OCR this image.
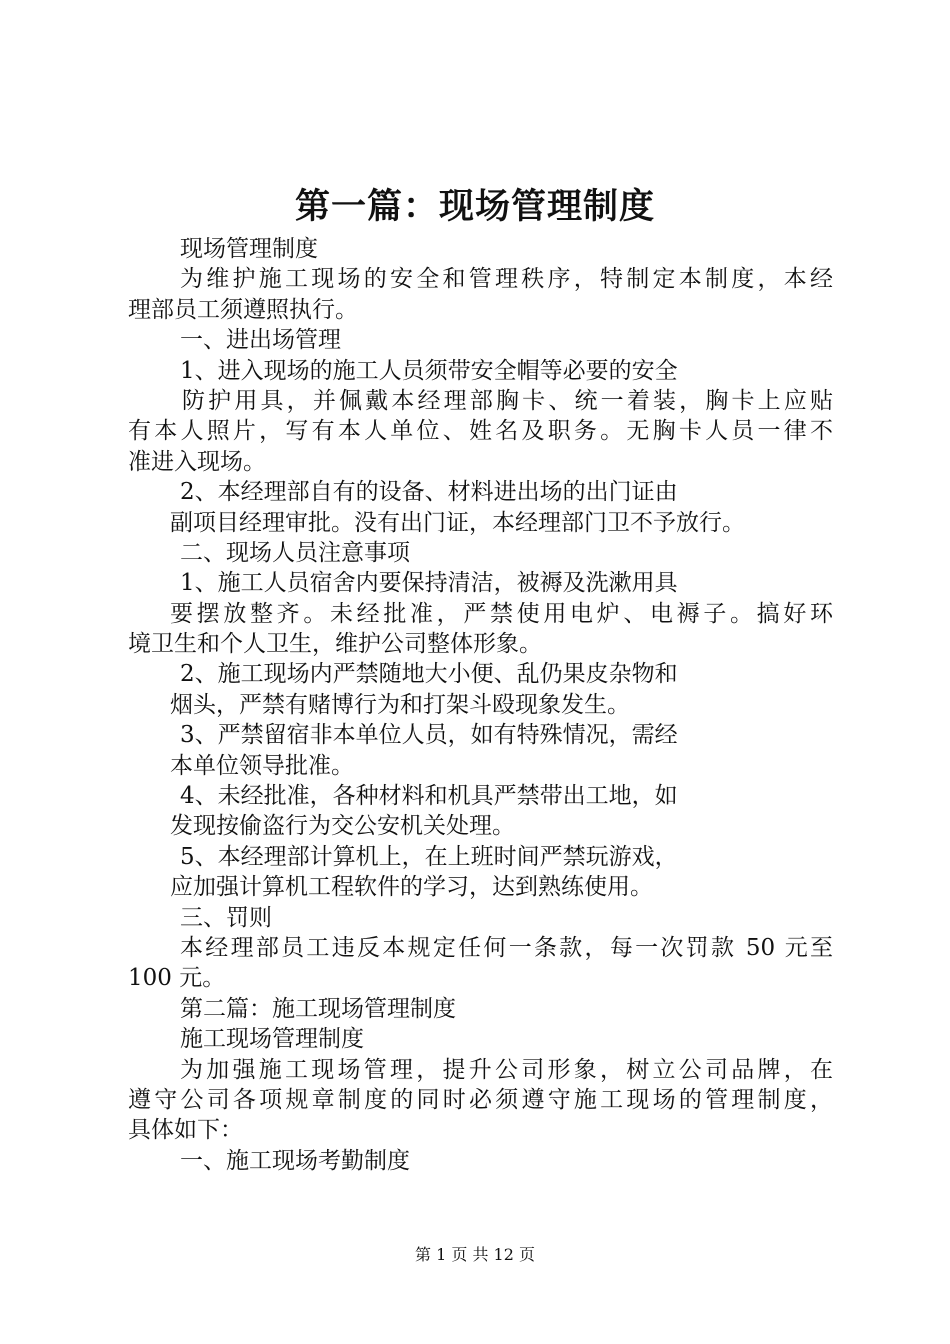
第一篇：现场管理制度
现场管理制度
为维护施工现场的安全和管理秩序，特制定本制度，本经
理部员工须遵照执行。
一、进出场管理
1、进入现场的施工人员须带安全帽等必要的安全
防护用具，并佩戴本经理部胸卡、统一着装，胸卡上应贴
有本人照片，写有本人单位、姓名及职务。无胸卡人员一律不
准进入现场。
2、本经理部自有的设备、材料进出场的出门证由
副项目经理审批。没有出门证，本经理部门卫不予放行。
二、现场人员注意事项
1、施工人员宿舍内要保持清洁，被褥及洗漱用具
要摆放整齐。未经批准，严禁使用电炉、电褥子。搞好环
境卫生和个人卫生，维护公司整体形象。
2、施工现场内严禁随地大小便、乱仍果皮杂物和
烟头，严禁有赌博行为和打架斗殴现象发生。
3、严禁留宿非本单位人员，如有特殊情况，需经
本单位领导批准。
4、未经批准，各种材料和机具严禁带出工地，如
发现按偷盗行为交公安机关处理。
5、本经理部计算机上，在上班时间严禁玩游戏，
应加强计算机工程软件的学习，达到熟练使用。
三、罚则
本经理部员工违反本规定任何一条款，每一次罚款 50 元至
100 元。
第二篇：施工现场管理制度
施工现场管理制度
为加强施工现场管理，提升公司形象，树立公司品牌，在
遵守公司各项规章制度的同时必须遵守施工现场的管理制度，
具体如下：
一、施工现场考勤制度
第 1 页 共 12 页
